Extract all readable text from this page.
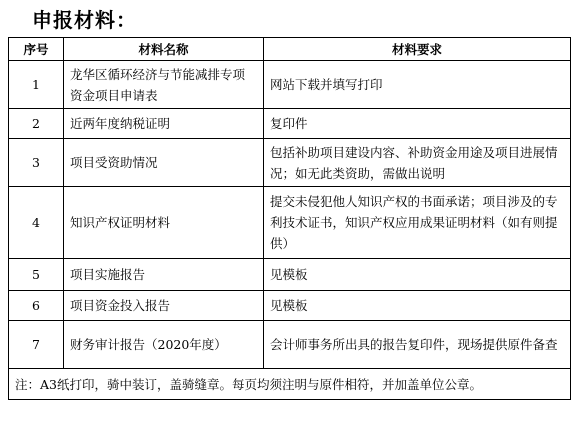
申报材料：
序号	材料名称	材料要求
1	龙华区循环经济与节能减排专项资金项目申请表	网站下载并填写打印
2	近两年度纳税证明	复印件
3	项目受资助情况	包括补助项目建设内容、补助资金用途及项目进展情况；如无此类资助，需做出说明
4	知识产权证明材料	提交未侵犯他人知识产权的书面承诺；项目涉及的专利技术证书，知识产权应用成果证明材料（如有则提供）
5	项目实施报告	见模板
6	项目资金投入报告	见模板
7	财务审计报告（2020年度）	会计师事务所出具的报告复印件，现场提供原件备查
注：A3纸打印，骑中装订，盖骑缝章。每页均须注明与原件相符，并加盖单位公章。		
